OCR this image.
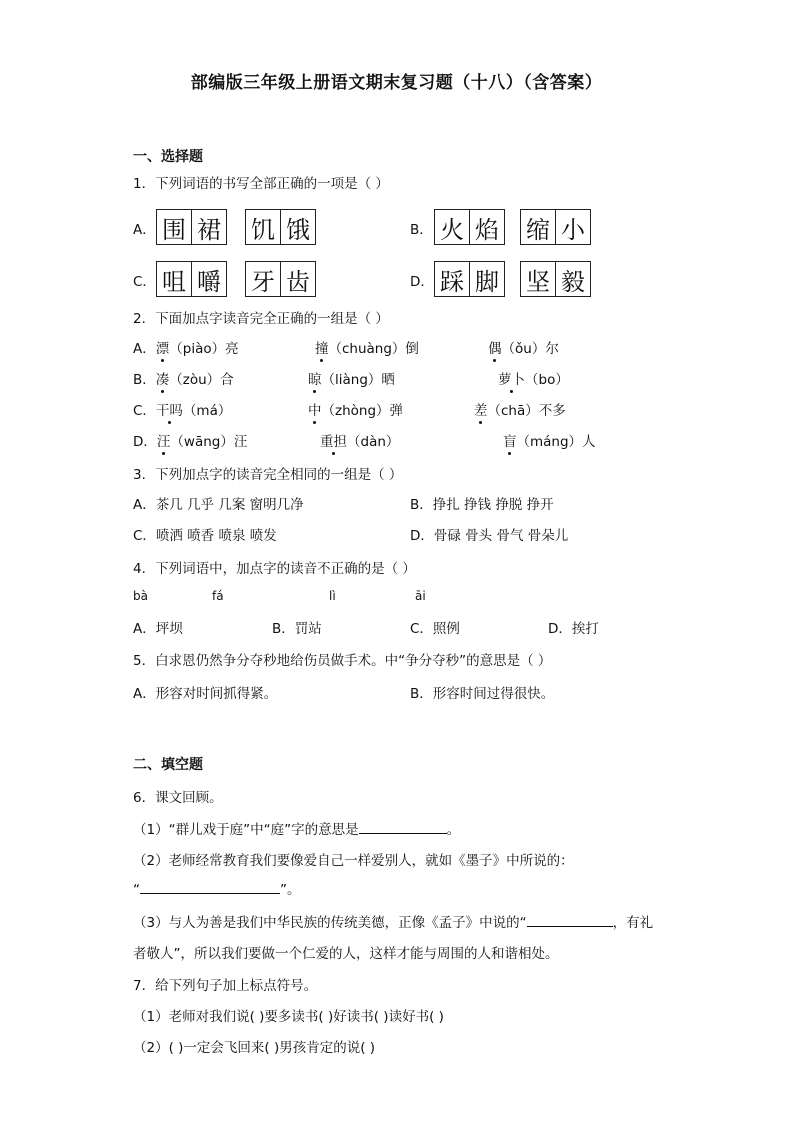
部编版三年级上册语文期末复习题（十八）（含答案）
一、选择题
1．下列词语的书写全部正确的一项是（ ）
A． 围 裙 饥 饿	B． 火 焰 缩 小
C． 咀 嚼 牙 齿	D． 踩 脚 坚 毅
2．下面加点字读音完全正确的一组是（ ）
A．漂（piào）亮	撞（chuàng）倒	偶（ǒu）尔
B．凑（zòu）合	晾（liàng）晒	萝卜（bo）
C．干吗（má）	中（zhòng）弹	差（chā）不多
D．汪（wāng）汪	重担（dàn）	盲（máng）人
3．下列加点字的读音完全相同的一组是（ ）
A．茶几 几乎 几案 窗明几净	B．挣扎 挣钱 挣脱 挣开
C．喷洒 喷香 喷泉 喷发	D．骨碌 骨头 骨气 骨朵儿
4．下列词语中，加点字的读音不正确的是（ ）
bà	fá	lì	āi
A．坪坝	B．罚站	C．照例	D．挨打
5．白求恩仍然争分夺秒地给伤员做手术。中“争分夺秒”的意思是（ ）
A．形容对时间抓得紧。	B．形容时间过得很快。
二、填空题
6．课文回顾。
（1）“群儿戏于庭”中“庭”字的意思是	。
（2）老师经常教育我们要像爱自己一样爱别人，就如《墨子》中所说的：
“	”。
（3）与人为善是我们中华民族的传统美德，正像《孟子》中说的“	，有礼
者敬人”，所以我们要做一个仁爱的人，这样才能与周围的人和谐相处。
7．给下列句子加上标点符号。
（1）老师对我们说( )要多读书( )好读书( )读好书( )
（2）( )一定会飞回来( )男孩肯定的说( )
